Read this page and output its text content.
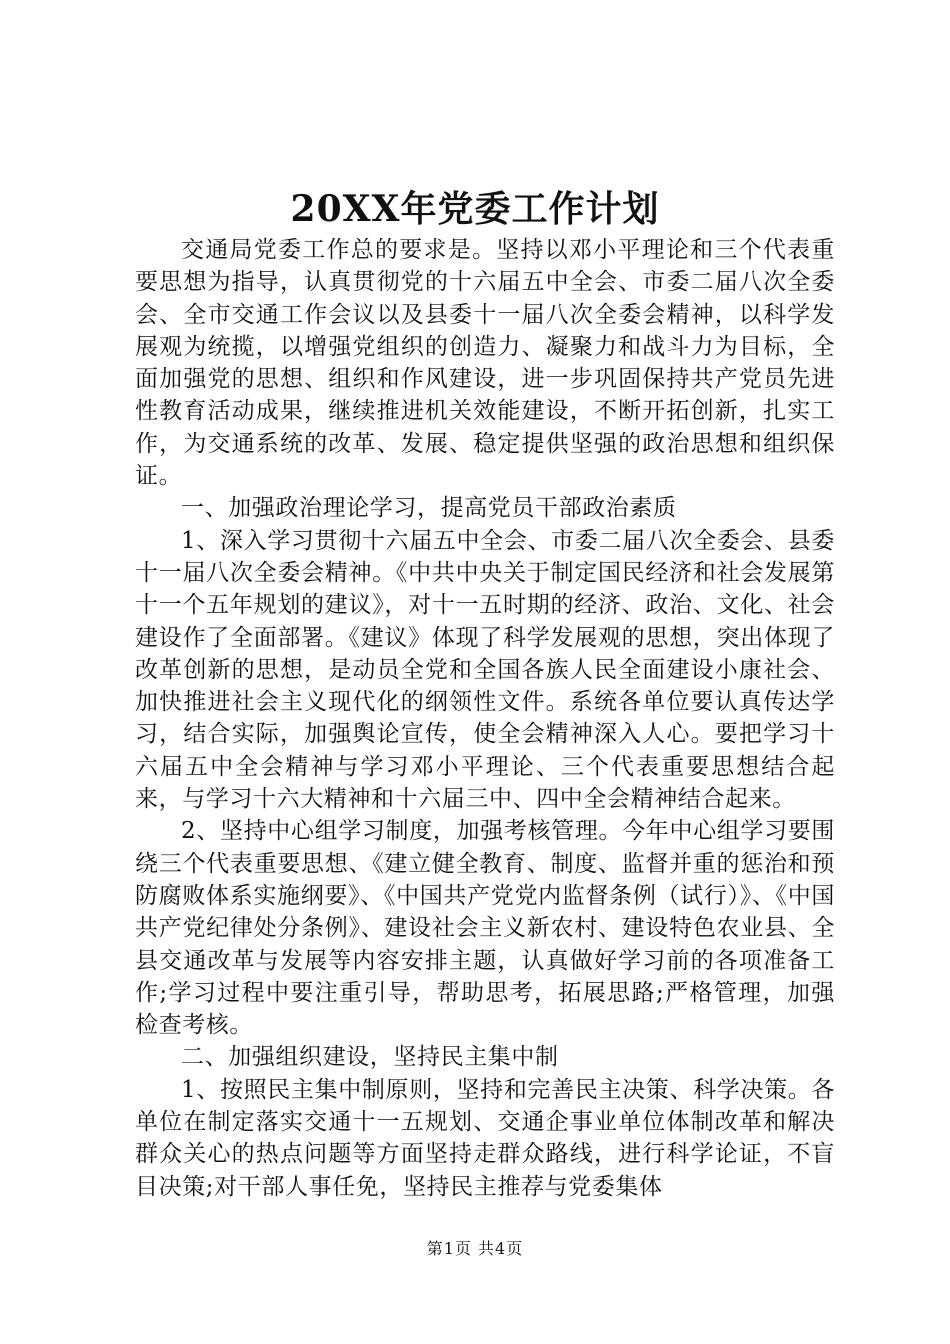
20XX年党委工作计划

交通局党委工作总的要求是。坚持以邓小平理论和三个代表重要思想为指导，认真贯彻党的十六届五中全会、市委二届八次全委会、全市交通工作会议以及县委十一届八次全委会精神，以科学发展观为统揽，以增强党组织的创造力、凝聚力和战斗力为目标，全面加强党的思想、组织和作风建设，进一步巩固保持共产党员先进性教育活动成果，继续推进机关效能建设，不断开拓创新，扎实工作，为交通系统的改革、发展、稳定提供坚强的政治思想和组织保证。

一、加强政治理论学习，提高党员干部政治素质

1、深入学习贯彻十六届五中全会、市委二届八次全委会、县委十一届八次全委会精神。《中共中央关于制定国民经济和社会发展第十一个五年规划的建议》，对十一五时期的经济、政治、文化、社会建设作了全面部署。《建议》体现了科学发展观的思想，突出体现了改革创新的思想，是动员全党和全国各族人民全面建设小康社会、加快推进社会主义现代化的纲领性文件。系统各单位要认真传达学习，结合实际，加强舆论宣传，使全会精神深入人心。要把学习十六届五中全会精神与学习邓小平理论、三个代表重要思想结合起来，与学习十六大精神和十六届三中、四中全会精神结合起来。

2、坚持中心组学习制度，加强考核管理。今年中心组学习要围绕三个代表重要思想、《建立健全教育、制度、监督并重的惩治和预防腐败体系实施纲要》、《中国共产党党内监督条例（试行）》、《中国共产党纪律处分条例》、建设社会主义新农村、建设特色农业县、全县交通改革与发展等内容安排主题，认真做好学习前的各项准备工作;学习过程中要注重引导，帮助思考，拓展思路;严格管理，加强检查考核。

二、加强组织建设，坚持民主集中制

1、按照民主集中制原则，坚持和完善民主决策、科学决策。各单位在制定落实交通十一五规划、交通企事业单位体制改革和解决群众关心的热点问题等方面坚持走群众路线，进行科学论证，不盲目决策;对干部人事任免，坚持民主推荐与党委集体

第1页 共4页
